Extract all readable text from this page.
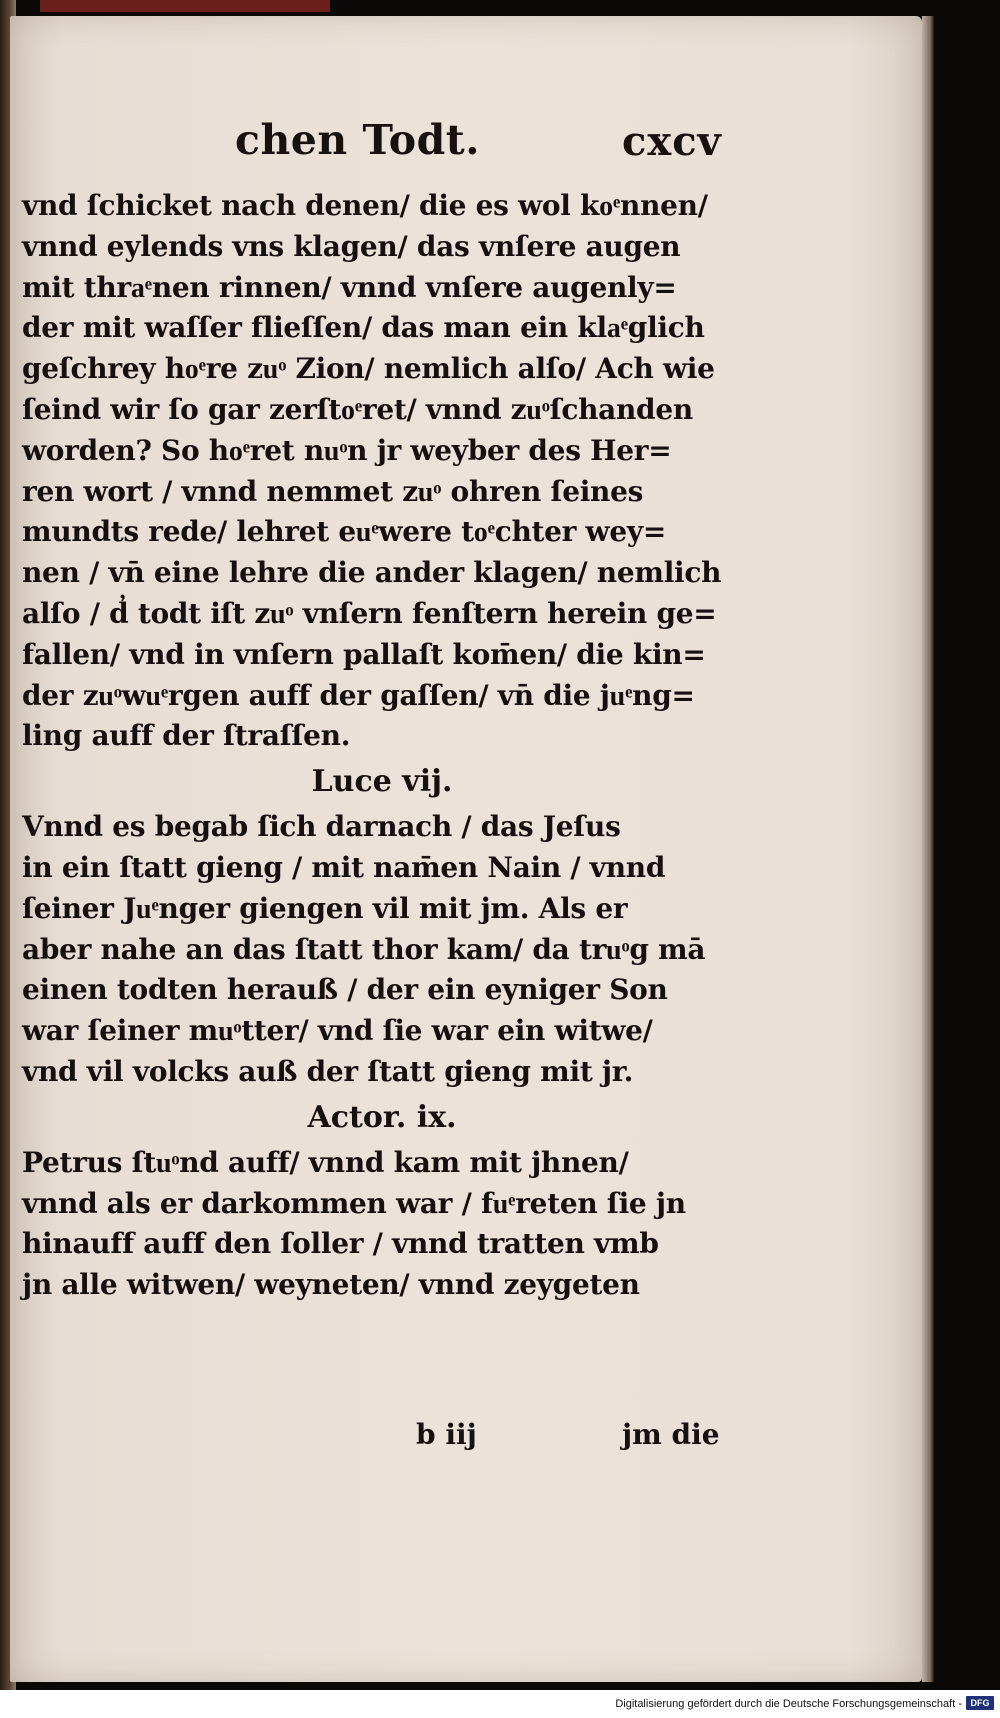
chen Todt.	cxcv
vnd ſchicket nach denen/ die es wol koͤnnen/
vnnd eylends vns klagen/ das vnſere augen
mit thraͤnen rinnen/ vnnd vnſere augenly=
der mit waſſer flieſſen/ das man ein klaͤglich
geſchrey hoͤre zuͦ Zion/ nemlich alſo/ Ach wie
ſeind wir ſo gar zerſtoͤret/ vnnd zuͦſchanden
worden? So hoͤret nuͦn jr weyber des Her=
ren wort / vnnd nemmet zuͦ ohren ſeines
mundts rede/ lehret euͤwere toͤchter wey=
nen / vn̄ eine lehre die ander klagen/ nemlich
alſo / d̓ todt iſt zuͦ vnſern fenſtern herein ge=
fallen/ vnd in vnſern pallaſt kom̄en/ die kin=
der zuͦwuͤrgen auff der gaſſen/ vn̄ die juͤng=
ling auff der ſtraſſen.
Luce vij.
Vnnd es begab ſich darnach / das Jeſus
in ein ſtatt gieng / mit nam̄en Nain / vnnd
ſeiner Juͤnger giengen vil mit jm. Als er
aber nahe an das ſtatt thor kam/ da truͦg mā
einen todten herauß / der ein eyniger Son
war ſeiner muͦtter/ vnd ſie war ein witwe/
vnd vil volcks auß der ſtatt gieng mit jr.
Actor. ix.
Petrus ſtuͦnd auff/ vnnd kam mit jhnen/
vnnd als er darkommen war / fuͤreten ſie jn
hinauff auff den ſoller / vnnd tratten vmb
jn alle witwen/ weyneten/ vnnd zeygeten
b iij	jm die
Digitalisierung gefördert durch die Deutsche Forschungsgemeinschaft - DFG
